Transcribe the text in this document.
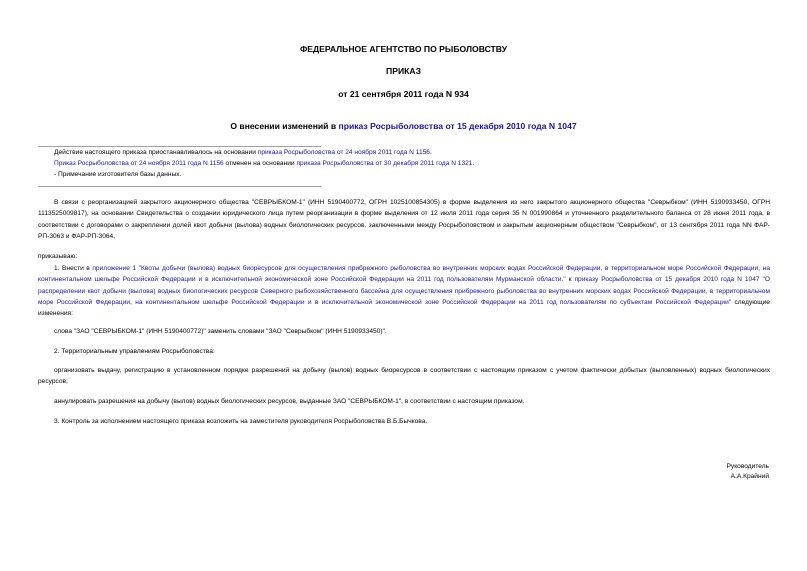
ФЕДЕРАЛЬНОЕ АГЕНТСТВО ПО РЫБОЛОВСТВУ
ПРИКАЗ
от 21 сентября 2011 года N 934
О внесении изменений в приказ Росрыболовства от 15 декабря 2010 года N 1047
Действие настоящего приказа приостанавливалось на основании приказа Росрыболовства от 24 ноября 2011 года N 1156.
Приказ Росрыболовства от 24 ноября 2011 года N 1156 отменен на основании приказа Росрыболовства от 30 декабря 2011 года N 1321.
- Примечание изготовителя базы данных.
В связи с реорганизацией закрытого акционерного общества "СЕВРЫБКОМ-1" (ИНН 5190400772, ОГРН 1025100854305) в форме выделения из него закрытого акционерного общества "Севрыбком" (ИНН 5190933450, ОГРН 1113525009817), на основании Свидетельства о создании юридического лица путем реорганизации в форме выделения от 12 июля 2011 года серия 35 N 001990864 и уточненного разделительного баланса от 28 июня 2011 года, в соответствии с договорами о закреплении долей квот добычи (вылова) водных биологических ресурсов, заключенными между Росрыболовством и закрытым акционерным обществом "Севрыбком", от 13 сентября 2011 года NN ФАР-РП-3063 и ФАР-РП-3064,
приказываю:
1. Внести в приложение 1 "Квоты добычи (вылова) водных биоресурсов для осуществления прибрежного рыболовства во внутренних морских водах Российской Федерации, в территориальном море Российской Федерации, на континентальном шельфе Российской Федерации и в исключительной экономической зоне Российской Федерации на 2011 год пользователям Мурманской области." к приказу Росрыболовства от 15 декабря 2010 года N 1047 "О распределении квот добычи (вылова) водных биологических ресурсов Северного рыбохозяйственного бассейна для осуществления прибрежного рыболовства во внутренних морских водах Российской Федерации, в территориальном море Российской Федерации, на континентальном шельфе Российской Федерации и в исключительной экономической зоне Российской Федерации на 2011 год пользователям по субъектам Российской Федерации" следующие изменения:
слова "ЗАО "СЕВРЫБКОМ-1" (ИНН 5190400772)" заменить словами "ЗАО "Севрыбком" (ИНН 5190933450)".
2. Территориальным управлениям Росрыболовства:
организовать выдачу, регистрацию в установленном порядке разрешений на добычу (вылов) водных биоресурсов в соответствии с настоящим приказом с учетом фактически добытых (выловленных) водных биологических ресурсов;
аннулировать разрешения на добычу (вылов) водных биологических ресурсов, выданные ЗАО "СЕВРЫБКОМ-1", в соответствии с настоящим приказом.
3. Контроль за исполнением настоящего приказа возложить на заместителя руководителя Росрыболовства В.Б.Бычкова.
Руководитель
А.А.Крайний
